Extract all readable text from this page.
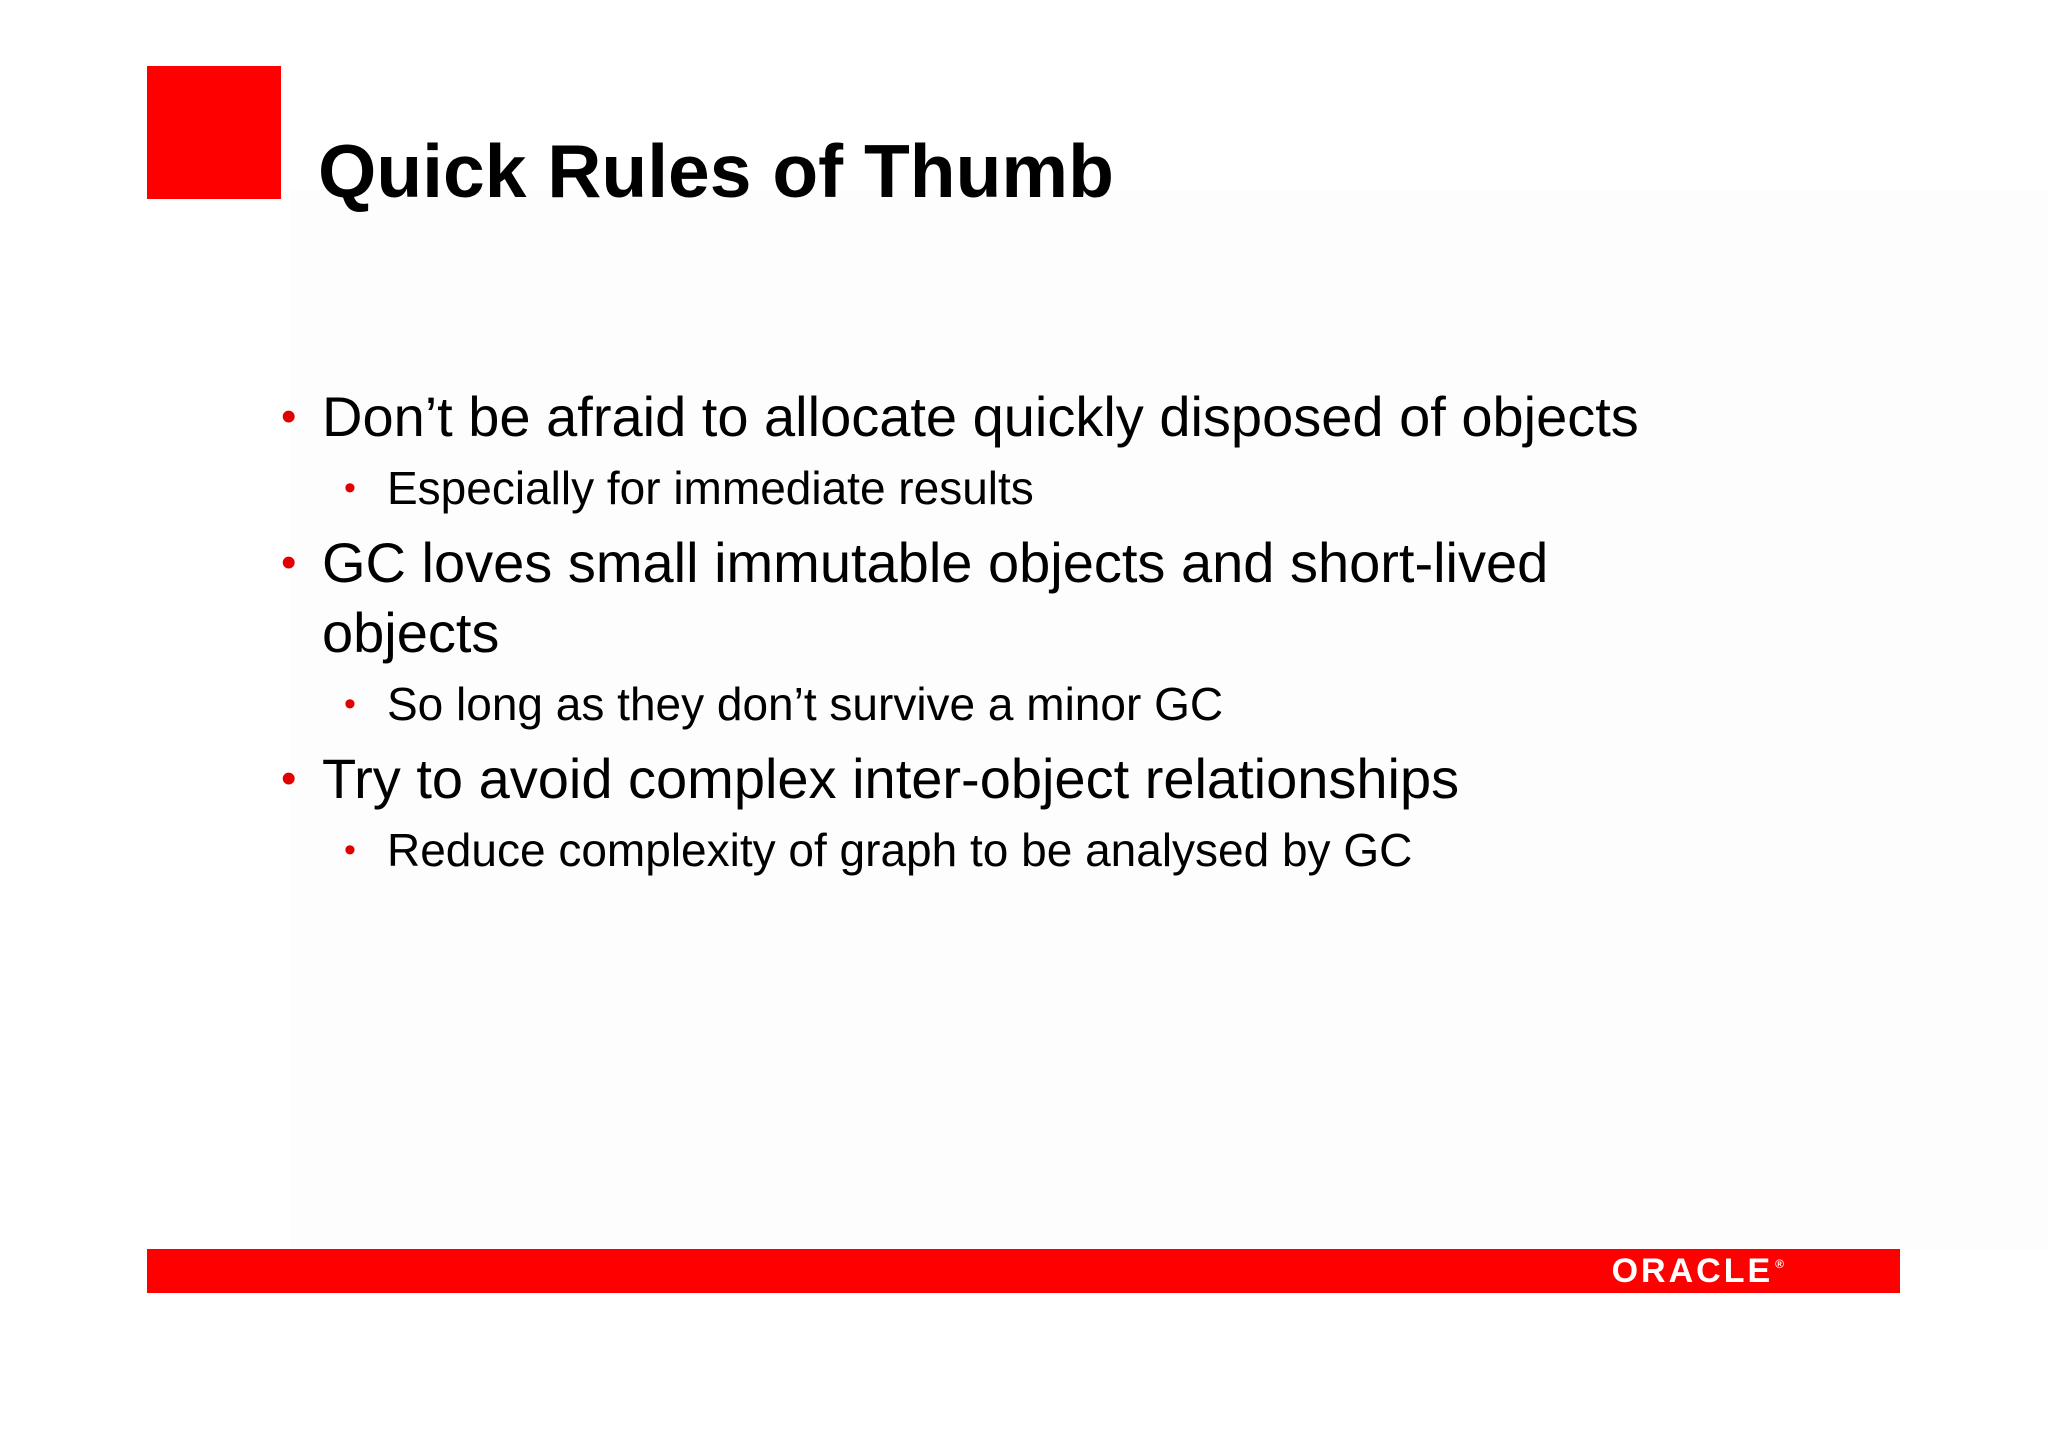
Quick Rules of Thumb
• Don’t be afraid to allocate quickly disposed of objects
• Especially for immediate results
• GC loves small immutable objects and short-lived objects
• So long as they don’t survive a minor GC
• Try to avoid complex inter-object relationships
• Reduce complexity of graph to be analysed by GC
ORACLE ®
